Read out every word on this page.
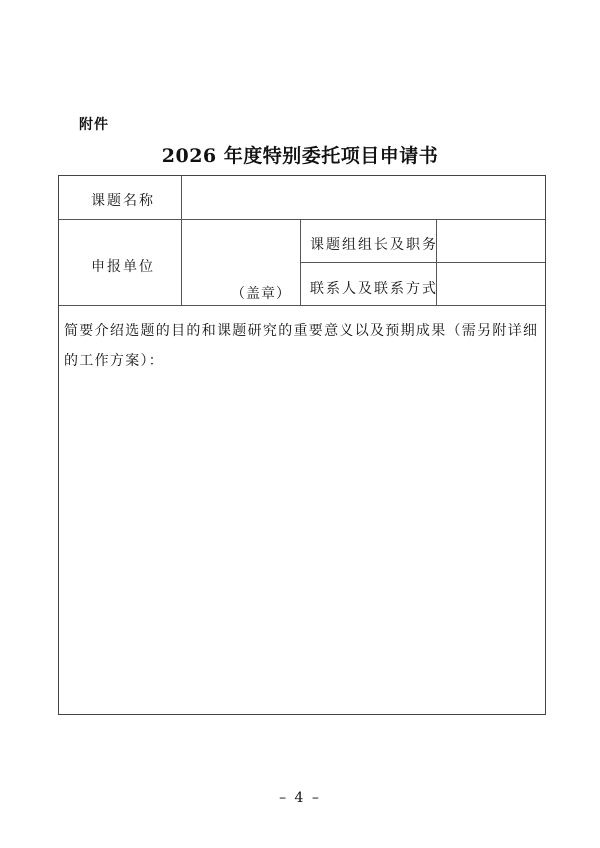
附件
2026 年度特别委托项目申请书
课题名称
申报单位
（盖章）
课题组组长及职务
联系人及联系方式
简要介绍选题的目的和课题研究的重要意义以及预期成果（需另附详细的工作方案）：
– 4 –
